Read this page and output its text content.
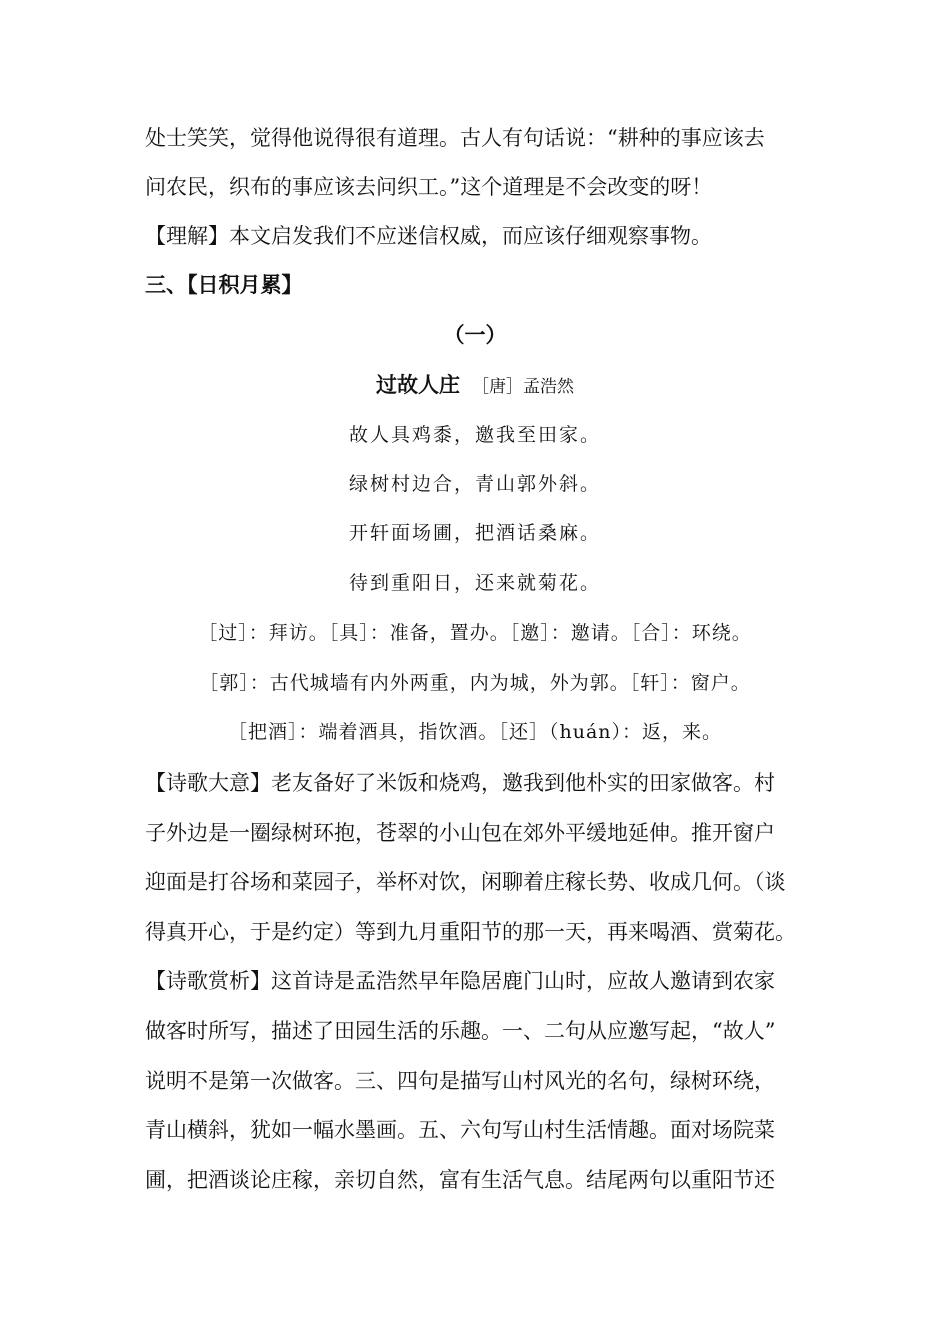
处士笑笑，觉得他说得很有道理。古人有句话说：“耕种的事应该去
问农民，织布的事应该去问织工。”这个道理是不会改变的呀！
【理解】本文启发我们不应迷信权威，而应该仔细观察事物。
三、【日积月累】
（一）
过故人庄 ［唐］孟浩然
故人具鸡黍，邀我至田家。
绿树村边合，青山郭外斜。
开轩面场圃，把酒话桑麻。
待到重阳日，还来就菊花。
［过］：拜访。［具］：准备，置办。［邀］：邀请。［合］：环绕。
［郭］：古代城墙有内外两重，内为城，外为郭。［轩］：窗户。
［把酒］：端着酒具，指饮酒。［还］（huán）：返，来。
【诗歌大意】老友备好了米饭和烧鸡，邀我到他朴实的田家做客。村
子外边是一圈绿树环抱，苍翠的小山包在郊外平缓地延伸。推开窗户
迎面是打谷场和菜园子，举杯对饮，闲聊着庄稼长势、收成几何。（谈
得真开心，于是约定）等到九月重阳节的那一天，再来喝酒、赏菊花。
【诗歌赏析】这首诗是孟浩然早年隐居鹿门山时，应故人邀请到农家
做客时所写，描述了田园生活的乐趣。一、二句从应邀写起，“故人”
说明不是第一次做客。三、四句是描写山村风光的名句，绿树环绕，
青山横斜，犹如一幅水墨画。五、六句写山村生活情趣。面对场院菜
圃，把酒谈论庄稼，亲切自然，富有生活气息。结尾两句以重阳节还
